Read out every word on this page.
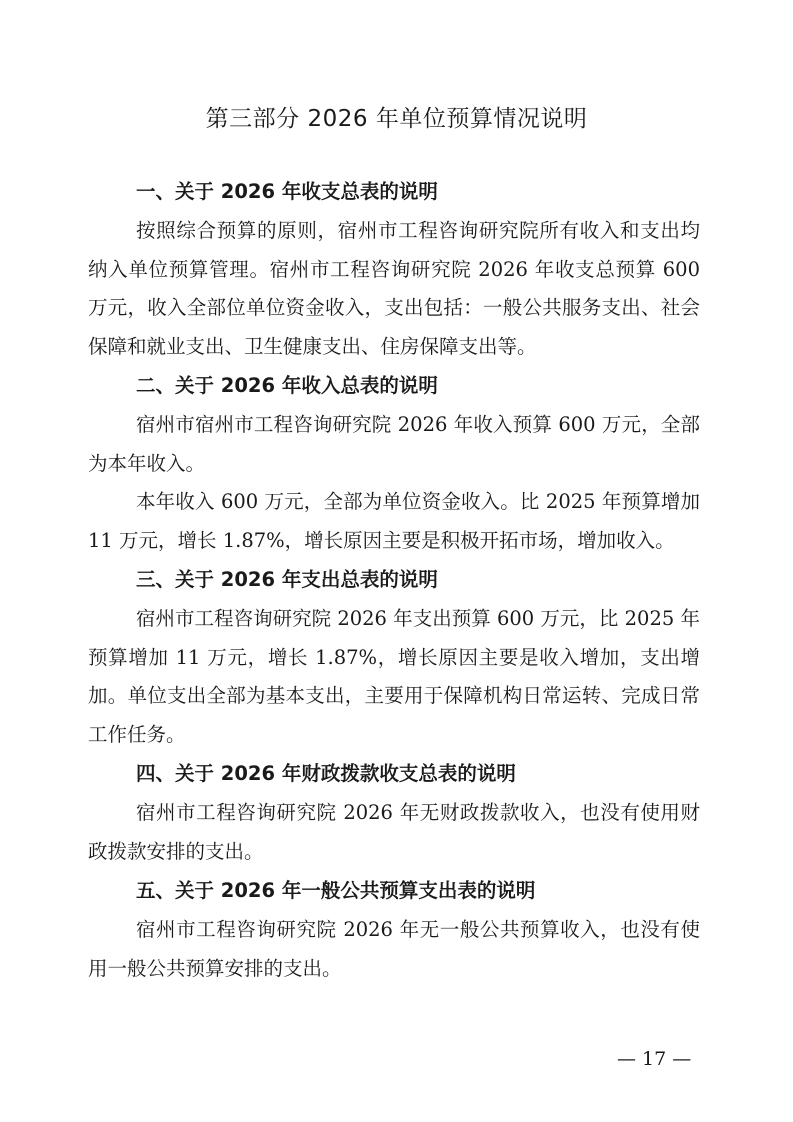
第三部分 2026 年单位预算情况说明
一、关于 2026 年收支总表的说明

按照综合预算的原则，宿州市工程咨询研究院所有收入和支出均纳入单位预算管理。宿州市工程咨询研究院 2026 年收支总预算 600 万元，收入全部位单位资金收入，支出包括：一般公共服务支出、社会保障和就业支出、卫生健康支出、住房保障支出等。

二、关于 2026 年收入总表的说明

宿州市宿州市工程咨询研究院 2026 年收入预算 600 万元，全部为本年收入。

本年收入 600 万元，全部为单位资金收入。比 2025 年预算增加 11 万元，增长 1.87%，增长原因主要是积极开拓市场，增加收入。

三、关于 2026 年支出总表的说明

宿州市工程咨询研究院 2026 年支出预算 600 万元，比 2025 年预算增加 11 万元，增长 1.87%，增长原因主要是收入增加，支出增加。单位支出全部为基本支出，主要用于保障机构日常运转、完成日常工作任务。

四、关于 2026 年财政拨款收支总表的说明

宿州市工程咨询研究院 2026 年无财政拨款收入，也没有使用财政拨款安排的支出。

五、关于 2026 年一般公共预算支出表的说明

宿州市工程咨询研究院 2026 年无一般公共预算收入，也没有使用一般公共预算安排的支出。

— 17 —
